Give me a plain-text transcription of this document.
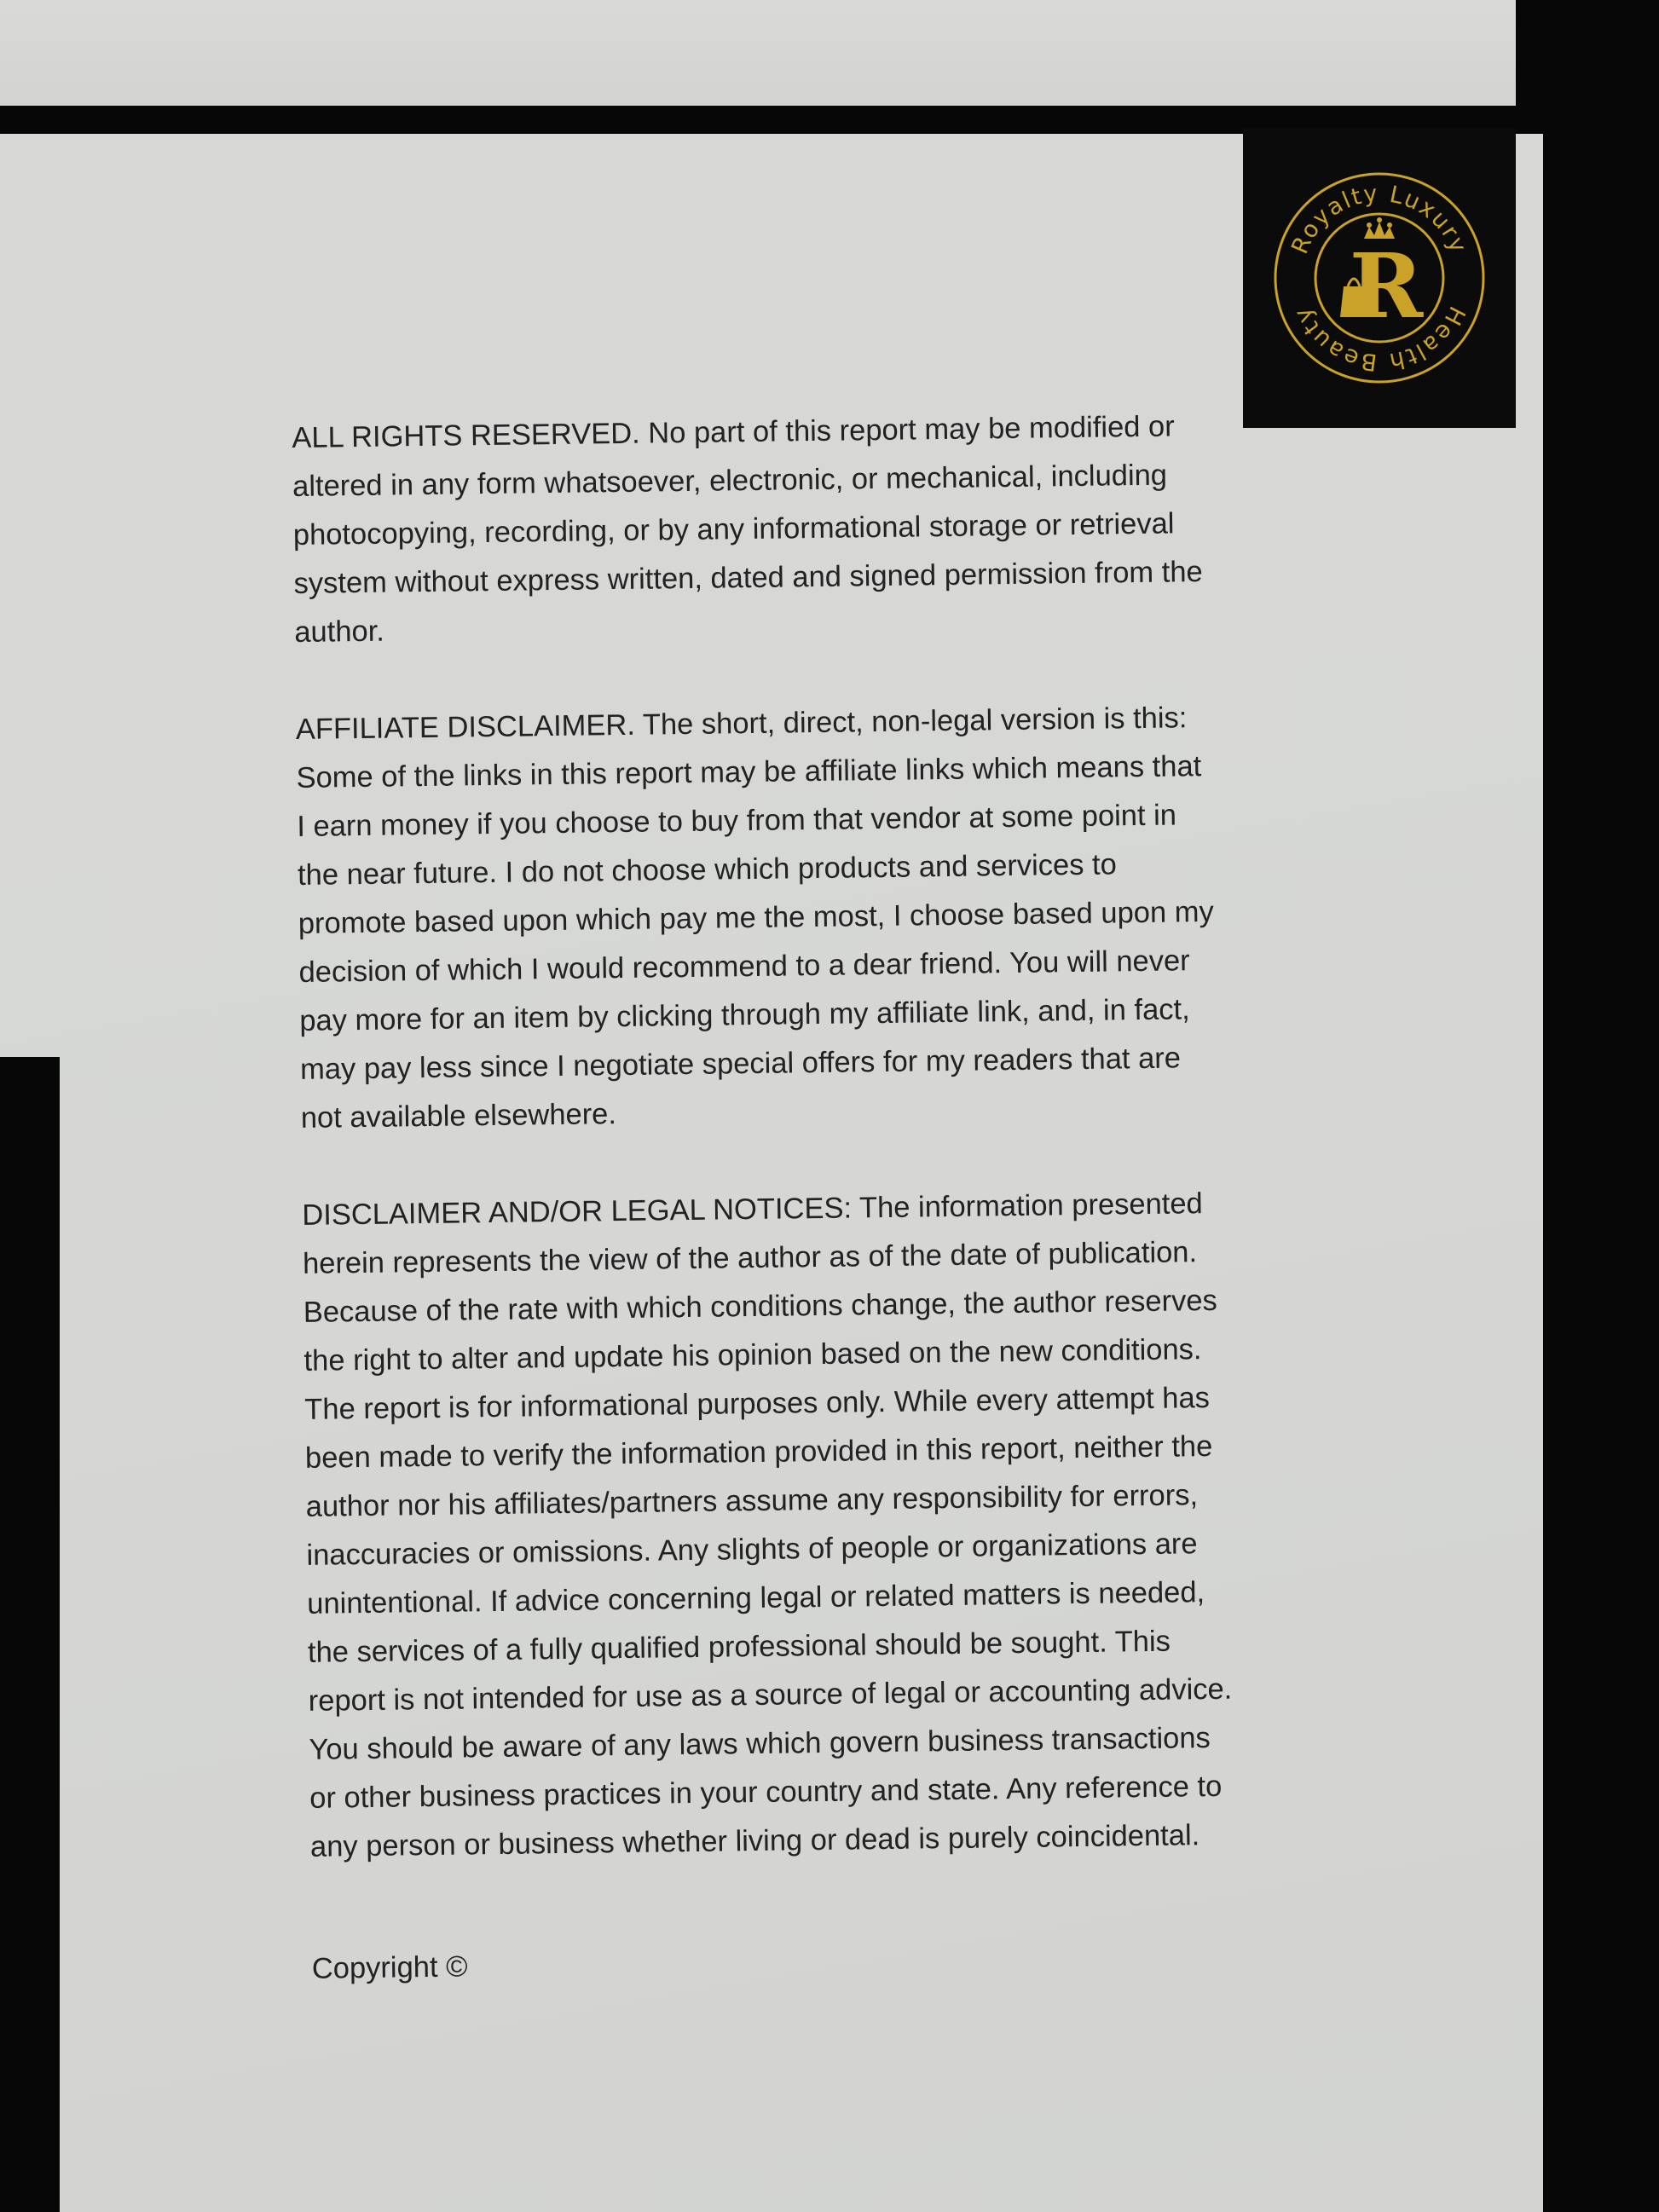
Royalty Luxury
Health Beauty R

ALL RIGHTS RESERVED. No part of this report may be modified or
altered in any form whatsoever, electronic, or mechanical, including
photocopying, recording, or by any informational storage or retrieval
system without express written, dated and signed permission from the
author.

AFFILIATE DISCLAIMER. The short, direct, non-legal version is this:
Some of the links in this report may be affiliate links which means that
I earn money if you choose to buy from that vendor at some point in
the near future. I do not choose which products and services to
promote based upon which pay me the most, I choose based upon my
decision of which I would recommend to a dear friend. You will never
pay more for an item by clicking through my affiliate link, and, in fact,
may pay less since I negotiate special offers for my readers that are
not available elsewhere.

DISCLAIMER AND/OR LEGAL NOTICES: The information presented
herein represents the view of the author as of the date of publication.
Because of the rate with which conditions change, the author reserves
the right to alter and update his opinion based on the new conditions.
The report is for informational purposes only. While every attempt has
been made to verify the information provided in this report, neither the
author nor his affiliates/partners assume any responsibility for errors,
inaccuracies or omissions. Any slights of people or organizations are
unintentional. If advice concerning legal or related matters is needed,
the services of a fully qualified professional should be sought. This
report is not intended for use as a source of legal or accounting advice.
You should be aware of any laws which govern business transactions
or other business practices in your country and state. Any reference to
any person or business whether living or dead is purely coincidental.

Copyright ©
